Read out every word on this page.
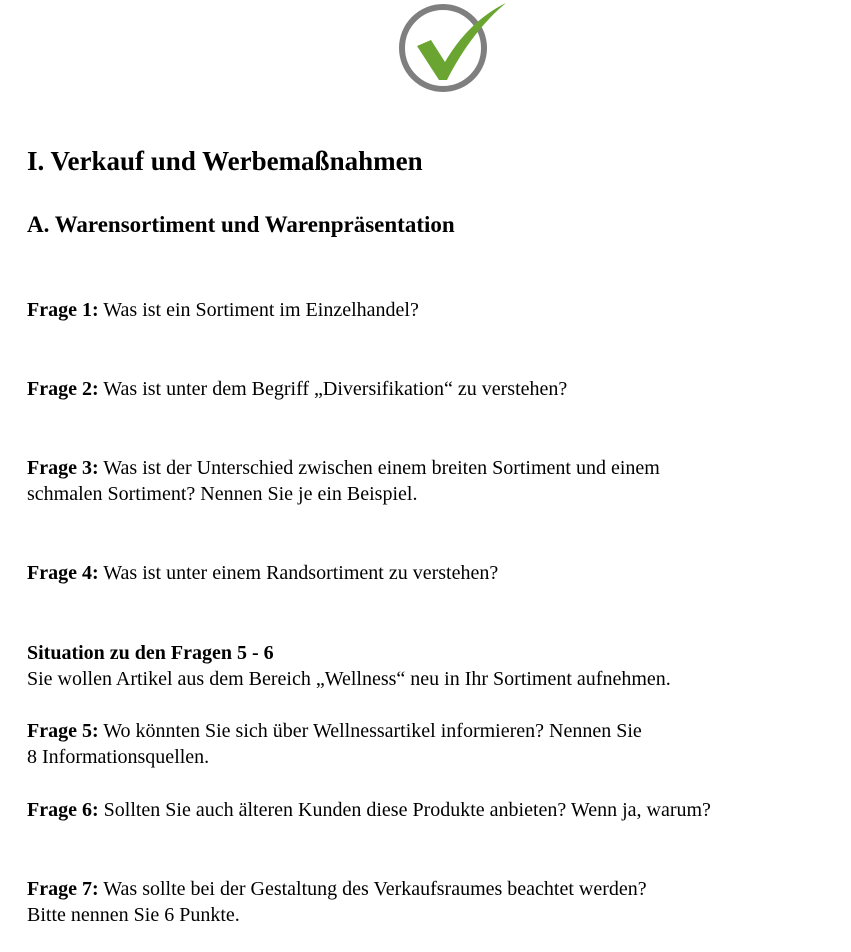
I. Verkauf und Werbemaßnahmen
A. Warensortiment und Warenpräsentation

Frage 1: Was ist ein Sortiment im Einzelhandel?

Frage 2: Was ist unter dem Begriff „Diversifikation“ zu verstehen?

Frage 3: Was ist der Unterschied zwischen einem breiten Sortiment und einem
schmalen Sortiment? Nennen Sie je ein Beispiel.

Frage 4: Was ist unter einem Randsortiment zu verstehen?

Situation zu den Fragen 5 - 6
Sie wollen Artikel aus dem Bereich „Wellness“ neu in Ihr Sortiment aufnehmen.

Frage 5: Wo könnten Sie sich über Wellnessartikel informieren? Nennen Sie
8 Informationsquellen.

Frage 6: Sollten Sie auch älteren Kunden diese Produkte anbieten? Wenn ja, warum?

Frage 7: Was sollte bei der Gestaltung des Verkaufsraumes beachtet werden?
Bitte nennen Sie 6 Punkte.
